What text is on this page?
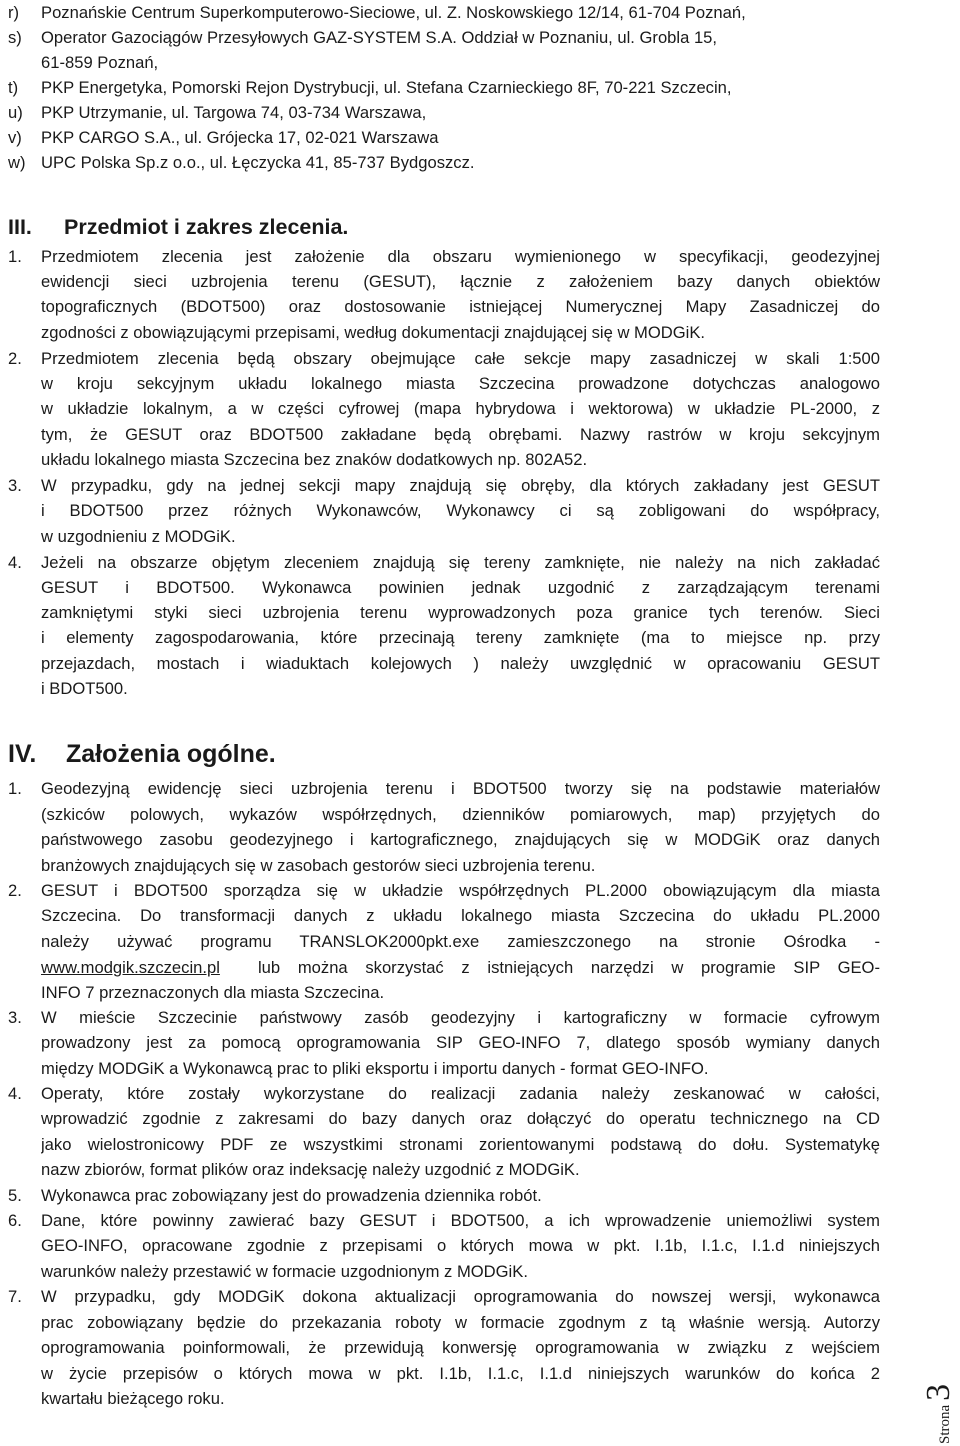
r) Poznańskie Centrum Superkomputerowo-Sieciowe, ul. Z. Noskowskiego 12/14, 61-704 Poznań,
s) Operator Gazociągów Przesyłowych GAZ-SYSTEM S.A. Oddział w Poznaniu, ul. Grobla 15,
61-859 Poznań,
t) PKP Energetyka, Pomorski Rejon Dystrybucji, ul. Stefana Czarnieckiego 8F, 70-221 Szczecin,
u) PKP Utrzymanie, ul. Targowa 74, 03-734 Warszawa,
v) PKP CARGO S.A., ul. Grójecka 17, 02-021 Warszawa
w) UPC Polska Sp.z o.o., ul. Łęczycka 41, 85-737 Bydgoszcz.
III. Przedmiot i zakres zlecenia.
1. Przedmiotem zlecenia jest założenie dla obszaru wymienionego w specyfikacji, geodezyjnej
ewidencji sieci uzbrojenia terenu (GESUT), łącznie z założeniem bazy danych obiektów
topograficznych (BDOT500) oraz dostosowanie istniejącej Numerycznej Mapy Zasadniczej do
zgodności z obowiązującymi przepisami, według dokumentacji znajdującej się w MODGiK.
2. Przedmiotem zlecenia będą obszary obejmujące całe sekcje mapy zasadniczej w skali 1:500
w kroju sekcyjnym układu lokalnego miasta Szczecina prowadzone dotychczas analogowo
w układzie lokalnym, a w części cyfrowej (mapa hybrydowa i wektorowa) w układzie PL-2000, z
tym, że GESUT oraz BDOT500 zakładane będą obrębami. Nazwy rastrów w kroju sekcyjnym
układu lokalnego miasta Szczecina bez znaków dodatkowych np. 802A52.
3. W przypadku, gdy na jednej sekcji mapy znajdują się obręby, dla których zakładany jest GESUT
i BDOT500 przez różnych Wykonawców, Wykonawcy ci są zobligowani do współpracy,
w uzgodnieniu z MODGiK.
4. Jeżeli na obszarze objętym zleceniem znajdują się tereny zamknięte, nie należy na nich zakładać
GESUT i BDOT500. Wykonawca powinien jednak uzgodnić z zarządzającym terenami
zamkniętymi styki sieci uzbrojenia terenu wyprowadzonych poza granice tych terenów. Sieci
i elementy zagospodarowania, które przecinają tereny zamknięte (ma to miejsce np. przy
przejazdach, mostach i wiaduktach kolejowych ) należy uwzględnić w opracowaniu GESUT
i BDOT500.
IV. Założenia ogólne.
1. Geodezyjną ewidencję sieci uzbrojenia terenu i BDOT500 tworzy się na podstawie materiałów
(szkiców polowych, wykazów współrzędnych, dzienników pomiarowych, map) przyjętych do
państwowego zasobu geodezyjnego i kartograficznego, znajdujących się w MODGiK oraz danych
branżowych znajdujących się w zasobach gestorów sieci uzbrojenia terenu.
2. GESUT i BDOT500 sporządza się w układzie współrzędnych PL.2000 obowiązującym dla miasta
Szczecina. Do transformacji danych z układu lokalnego miasta Szczecina do układu PL.2000
należy używać programu TRANSLOK2000pkt.exe zamieszczonego na stronie Ośrodka -
www.modgik.szczecin.pl lub można skorzystać z istniejących narzędzi w programie SIP GEO-
INFO 7 przeznaczonych dla miasta Szczecina.
3. W mieście Szczecinie państwowy zasób geodezyjny i kartograficzny w formacie cyfrowym
prowadzony jest za pomocą oprogramowania SIP GEO-INFO 7, dlatego sposób wymiany danych
między MODGiK a Wykonawcą prac to pliki eksportu i importu danych - format GEO-INFO.
4. Operaty, które zostały wykorzystane do realizacji zadania należy zeskanować w całości,
wprowadzić zgodnie z zakresami do bazy danych oraz dołączyć do operatu technicznego na CD
jako wielostronicowy PDF ze wszystkimi stronami zorientowanymi podstawą do dołu. Systematykę
nazw zbiorów, format plików oraz indeksację należy uzgodnić z MODGiK.
5. Wykonawca prac zobowiązany jest do prowadzenia dziennika robót.
6. Dane, które powinny zawierać bazy GESUT i BDOT500, a ich wprowadzenie uniemożliwi system
GEO-INFO, opracowane zgodnie z przepisami o których mowa w pkt. I.1b, I.1.c, I.1.d niniejszych
warunków należy przestawić w formacie uzgodnionym z MODGiK.
7. W przypadku, gdy MODGiK dokona aktualizacji oprogramowania do nowszej wersji, wykonawca
prac zobowiązany będzie do przekazania roboty w formacie zgodnym z tą właśnie wersją. Autorzy
oprogramowania poinformowali, że przewidują konwersję oprogramowania w związku z wejściem
w życie przepisów o których mowa w pkt. I.1b, I.1.c, I.1.d niniejszych warunków do końca 2
kwartału bieżącego roku.
Strona 3
